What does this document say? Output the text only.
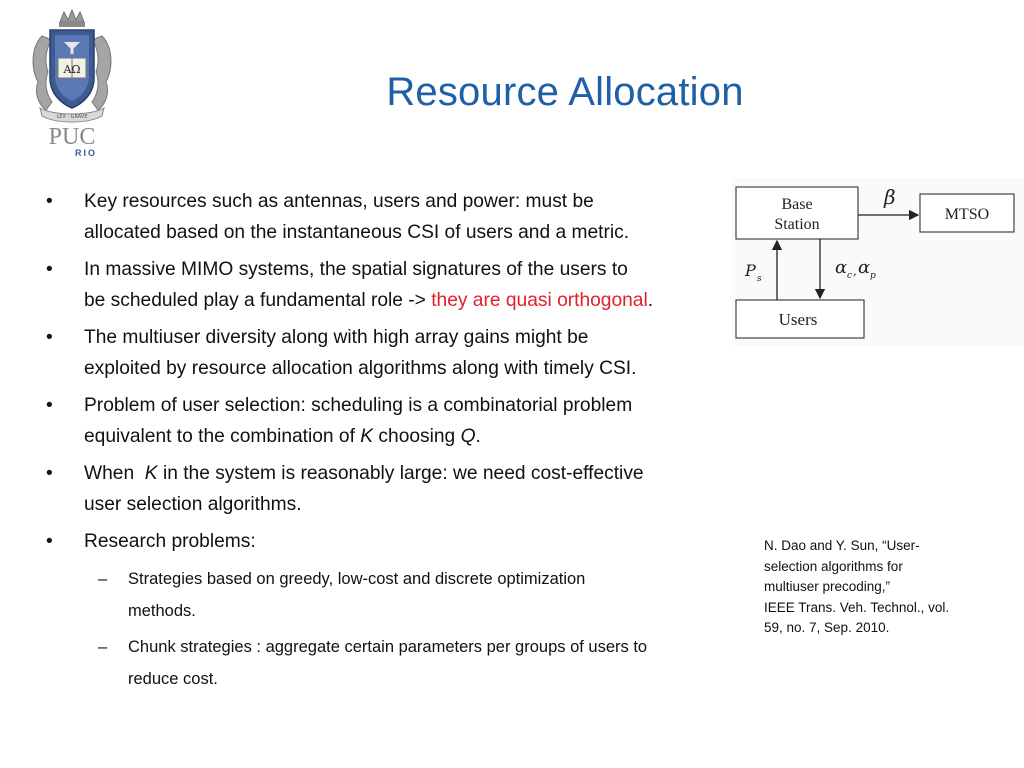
ΑΩ
LEX · GRAVE
PUC
RIO
Resource Allocation
• Key resources such as antennas, users and power: must be
allocated based on the instantaneous CSI of users and a metric.
• In massive MIMO systems, the spatial signatures of the users to
be scheduled play a fundamental role -> they are quasi orthogonal.
• The multiuser diversity along with high array gains might be
exploited by resource allocation algorithms along with timely CSI.
• Problem of user selection: scheduling is a combinatorial problem
equivalent to the combination of K choosing Q.
• When  K in the system is reasonably large: we need cost-effective
user selection algorithms.
• Research problems:
– Strategies based on greedy, low-cost and discrete optimization
methods.
– Chunk strategies : aggregate certain parameters per groups of users to
reduce cost.
Base
Station
MTSO
Users
β
P s
α c , α p
N. Dao and Y. Sun, “User-
selection algorithms for
multiuser precoding,”
IEEE Trans. Veh. Technol., vol.
59, no. 7, Sep. 2010.
